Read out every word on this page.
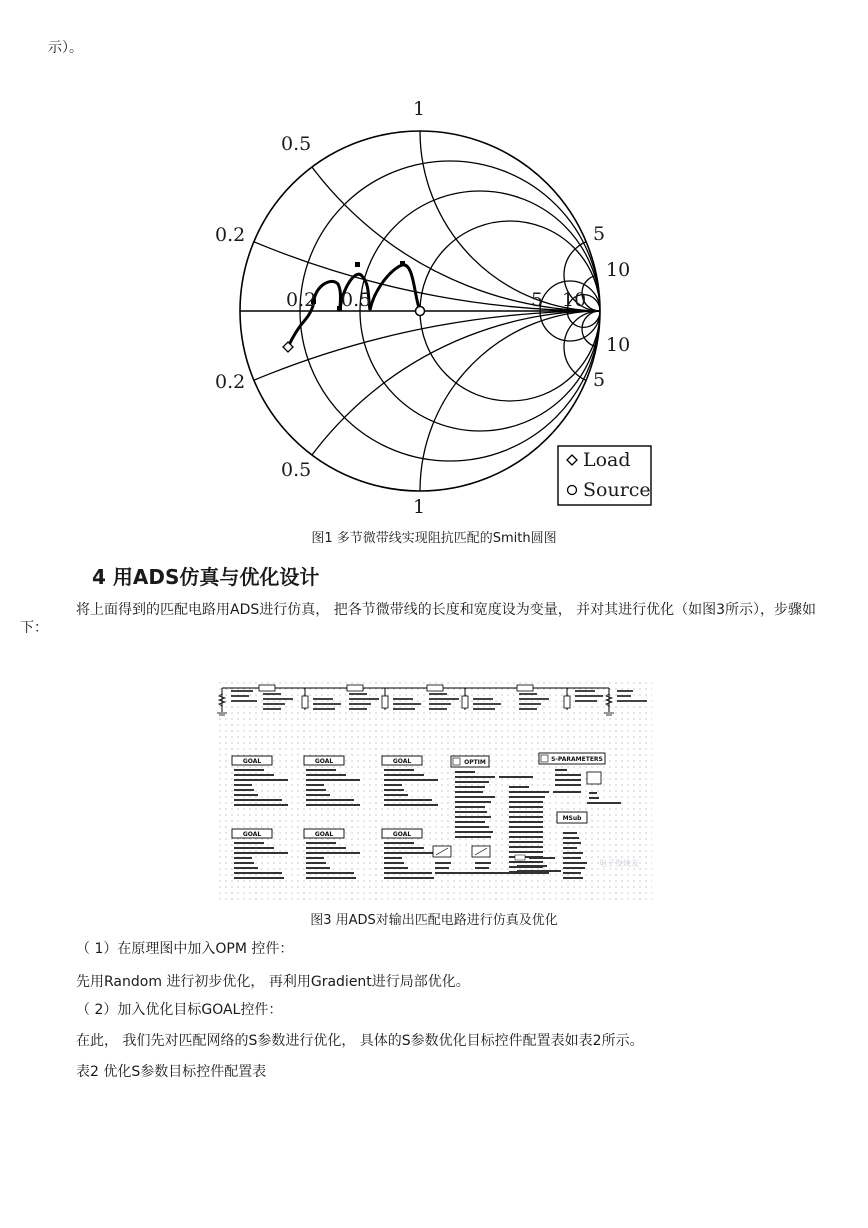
示）。
1
0.5
0.2
0.2 0.5	5 10
5
10
10
5
0.2
0.5
1
Load
Source
图1 多节微带线实现阻抗匹配的Smith圆图
4 用ADS仿真与优化设计
将上面得到的匹配电路用ADS进行仿真， 把各节微带线的长度和宽度设为变量， 并对其进行优化（如图3所示），步骤如
下：
GOAL	GOAL	GOAL
GOAL	GOAL	GOAL
OPTIM	S-PARAMETERS
MSub
电子发烧友
图3 用ADS对输出匹配电路进行仿真及优化
（ 1）在原理图中加入OPM 控件：
先用Random 进行初步优化， 再利用Gradient进行局部优化。
（ 2）加入优化目标GOAL控件：
在此， 我们先对匹配网络的S参数进行优化， 具体的S参数优化目标控件配置表如表2所示。
表2 优化S参数目标控件配置表
